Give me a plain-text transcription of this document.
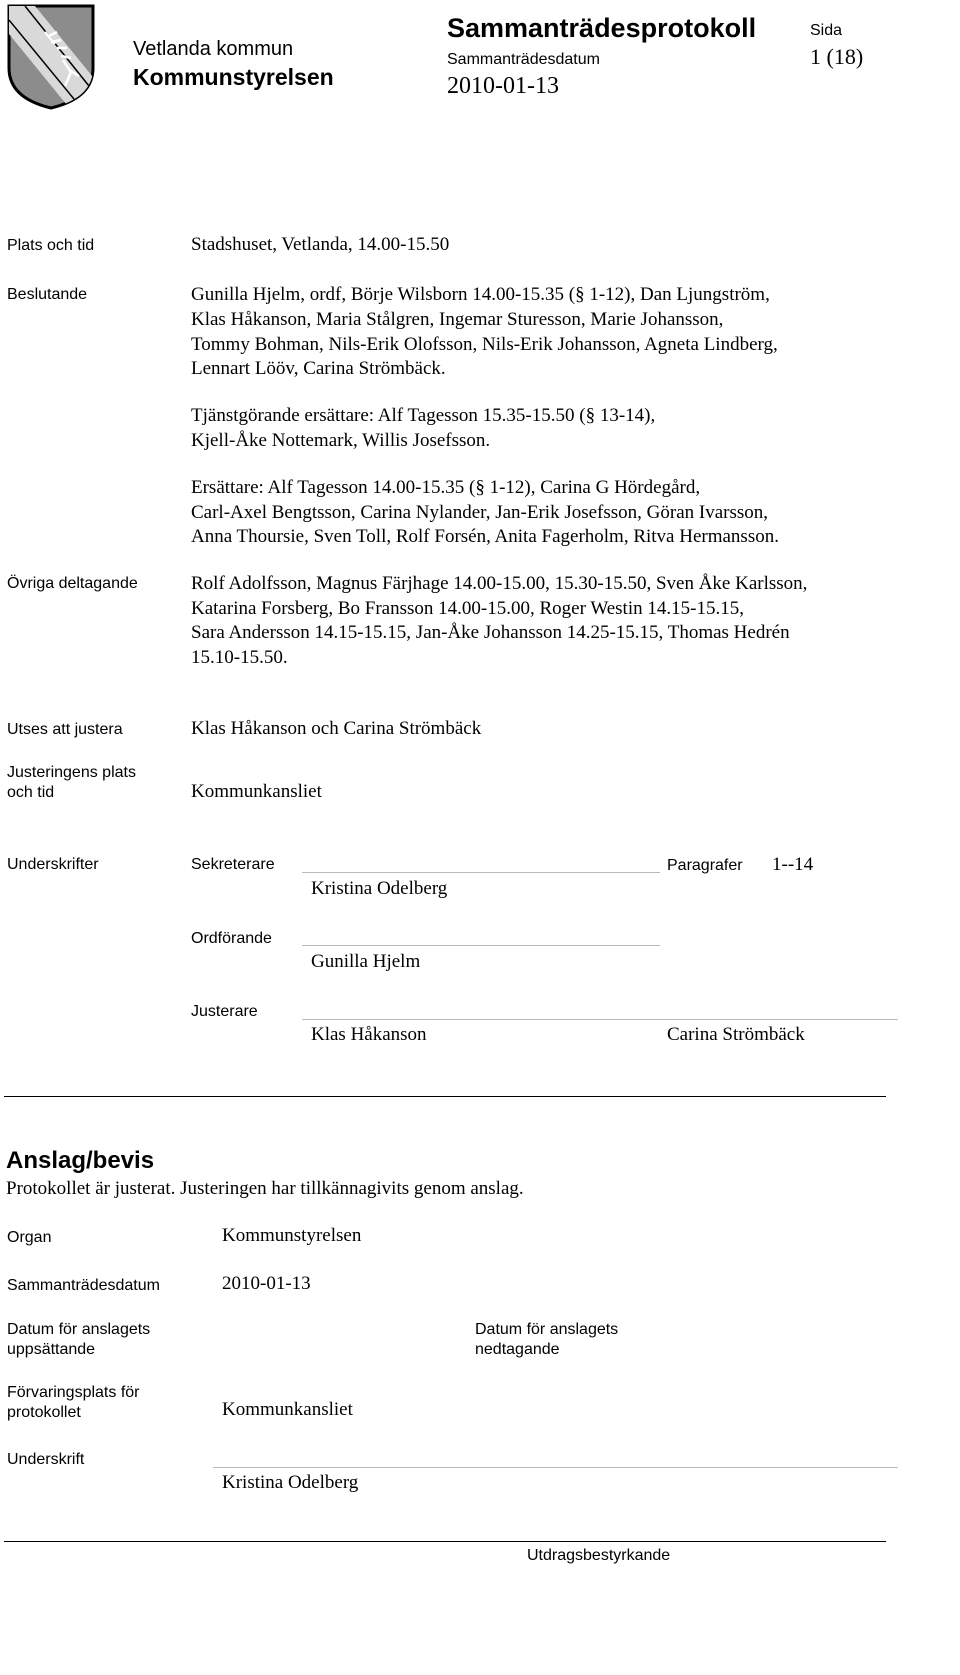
Vetlanda kommun
Kommunstyrelsen
Sammanträdesprotokoll
Sammanträdesdatum
2010-01-13
Sida
1 (18)
Plats och tid	Stadshuset, Vetlanda, 14.00-15.50
Beslutande	Gunilla Hjelm, ordf, Börje Wilsborn 14.00-15.35 (§ 1-12), Dan Ljungström,
Klas Håkanson, Maria Stålgren, Ingemar Sturesson, Marie Johansson,
Tommy Bohman, Nils-Erik Olofsson, Nils-Erik Johansson, Agneta Lindberg,
Lennart Lööv, Carina Strömbäck.
Tjänstgörande ersättare: Alf Tagesson 15.35-15.50 (§ 13-14),
Kjell-Åke Nottemark, Willis Josefsson.
Ersättare: Alf Tagesson 14.00-15.35 (§ 1-12), Carina G Hördegård,
Carl-Axel Bengtsson, Carina Nylander, Jan-Erik Josefsson, Göran Ivarsson,
Anna Thoursie, Sven Toll, Rolf Forsén, Anita Fagerholm, Ritva Hermansson.
Övriga deltagande	Rolf Adolfsson, Magnus Färjhage 14.00-15.00, 15.30-15.50, Sven Åke Karlsson,
Katarina Forsberg, Bo Fransson 14.00-15.00, Roger Westin 14.15-15.15,
Sara Andersson 14.15-15.15, Jan-Åke Johansson 14.25-15.15, Thomas Hedrén
15.10-15.50.
Utses att justera	Klas Håkanson och Carina Strömbäck
Justeringens plats
och tid	Kommunkansliet
Underskrifter	Sekreterare
Kristina Odelberg
Paragrafer 1--14
Ordförande
Gunilla Hjelm
Justerare
Klas Håkanson	Carina Strömbäck
Anslag/bevis
Protokollet är justerat. Justeringen har tillkännagivits genom anslag.
Organ	Kommunstyrelsen
Sammanträdesdatum	2010-01-13
Datum för anslagets
uppsättande
Datum för anslagets
nedtagande
Förvaringsplats för
protokollet	Kommunkansliet
Underskrift
Kristina Odelberg
Utdragsbestyrkande
